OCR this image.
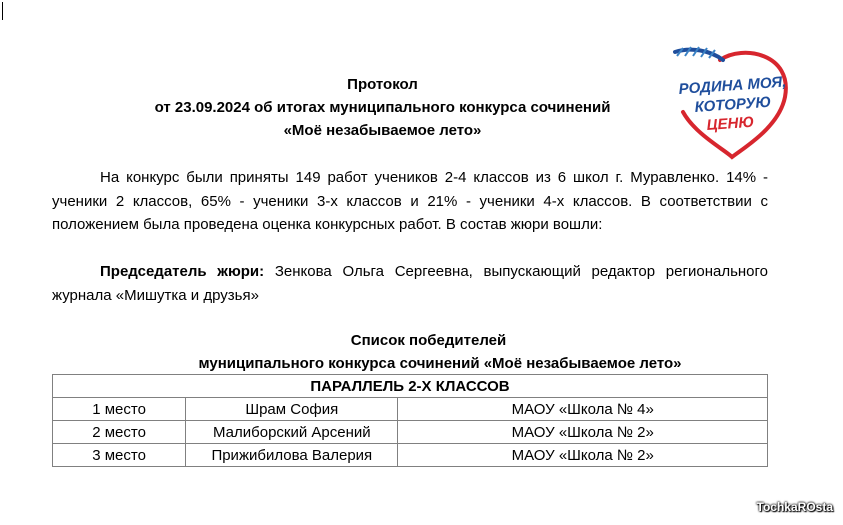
Протокол
от 23.09.2024 об итогах муниципального конкурса сочинений
«Моё незабываемое лето»
РОДИНА МОЯ,
КОТОРУЮ
ЦЕНЮ

На конкурс были приняты 149 работ учеников 2-4 классов из 6 школ г. Муравленко. 14% - ученики 2 классов, 65% - ученики 3-х классов и 21% - ученики 4-х классов. В соответствии с положением была проведена оценка конкурсных работ. В состав жюри вошли:

Председатель жюри: Зенкова Ольга Сергеевна, выпускающий редактор регионального журнала «Мишутка и друзья»

Список победителей
муниципального конкурса сочинений «Моё незабываемое лето»
ПАРАЛЛЕЛЬ 2-Х КЛАССОВ		
1 место	Шрам София	МАОУ «Школа № 4»
2 место	Малиборский Арсений	МАОУ «Школа № 2»
3 место	Прижибилова Валерия	МАОУ «Школа № 2»
TochkaROsta
